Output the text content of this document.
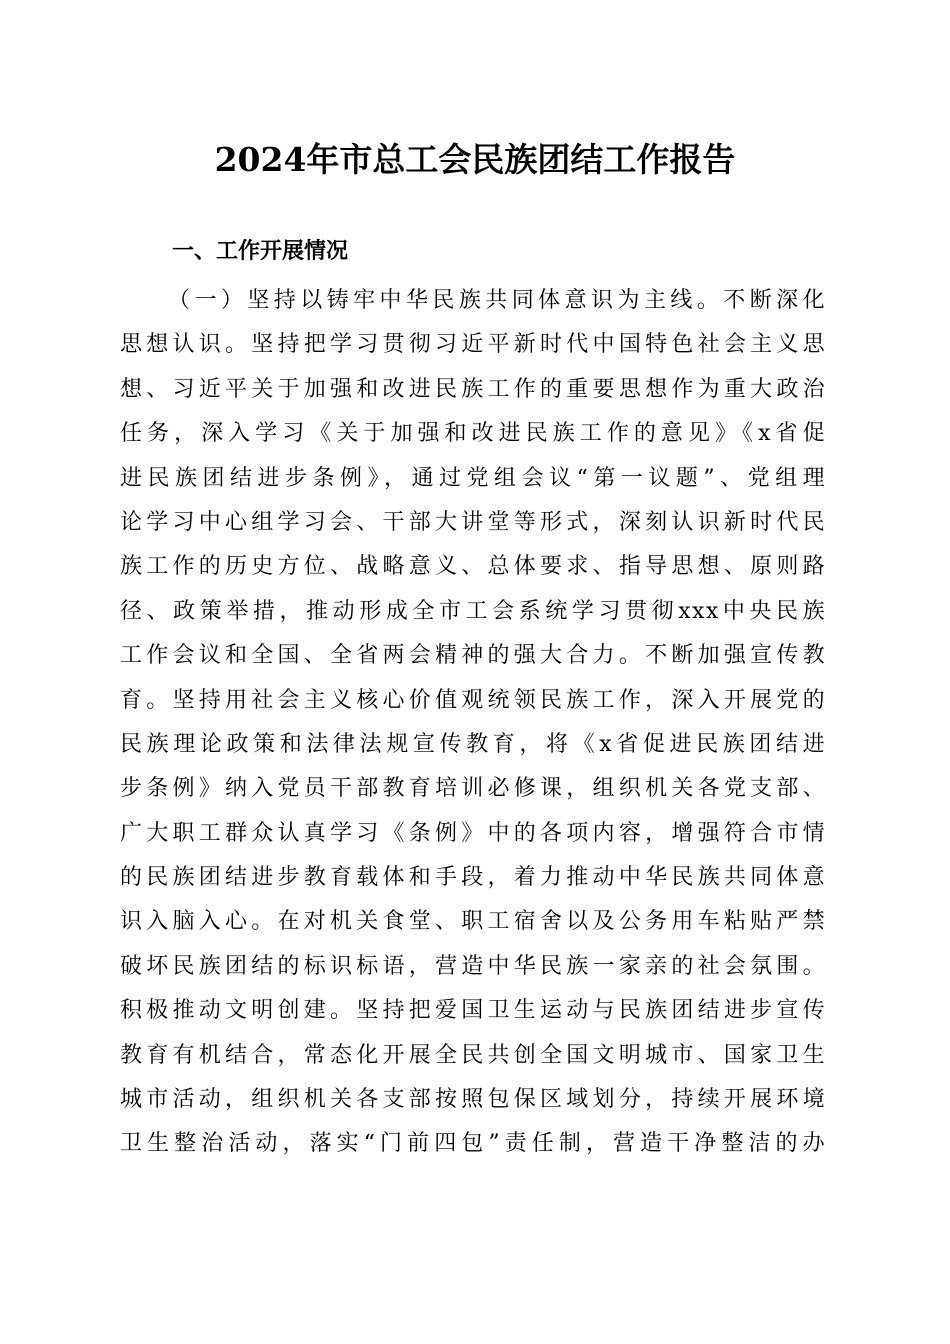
2024年市总工会民族团结工作报告
一、工作开展情况
（一）坚持以铸牢中华民族共同体意识为主线。不断深化
思想认识。坚持把学习贯彻习近平新时代中国特色社会主义思
想、习近平关于加强和改进民族工作的重要思想作为重大政治
任务，深入学习《关于加强和改进民族工作的意见》《x省促
进民族团结进步条例》，通过党组会议“第一议题”、党组理
论学习中心组学习会、干部大讲堂等形式，深刻认识新时代民
族工作的历史方位、战略意义、总体要求、指导思想、原则路
径、政策举措，推动形成全市工会系统学习贯彻xxx中央民族
工作会议和全国、全省两会精神的强大合力。不断加强宣传教
育。坚持用社会主义核心价值观统领民族工作，深入开展党的
民族理论政策和法律法规宣传教育，将《x省促进民族团结进
步条例》纳入党员干部教育培训必修课，组织机关各党支部、
广大职工群众认真学习《条例》中的各项内容，增强符合市情
的民族团结进步教育载体和手段，着力推动中华民族共同体意
识入脑入心。在对机关食堂、职工宿舍以及公务用车粘贴严禁
破坏民族团结的标识标语，营造中华民族一家亲的社会氛围。
积极推动文明创建。坚持把爱国卫生运动与民族团结进步宣传
教育有机结合，常态化开展全民共创全国文明城市、国家卫生
城市活动，组织机关各支部按照包保区域划分，持续开展环境
卫生整治活动，落实“门前四包”责任制，营造干净整洁的办
